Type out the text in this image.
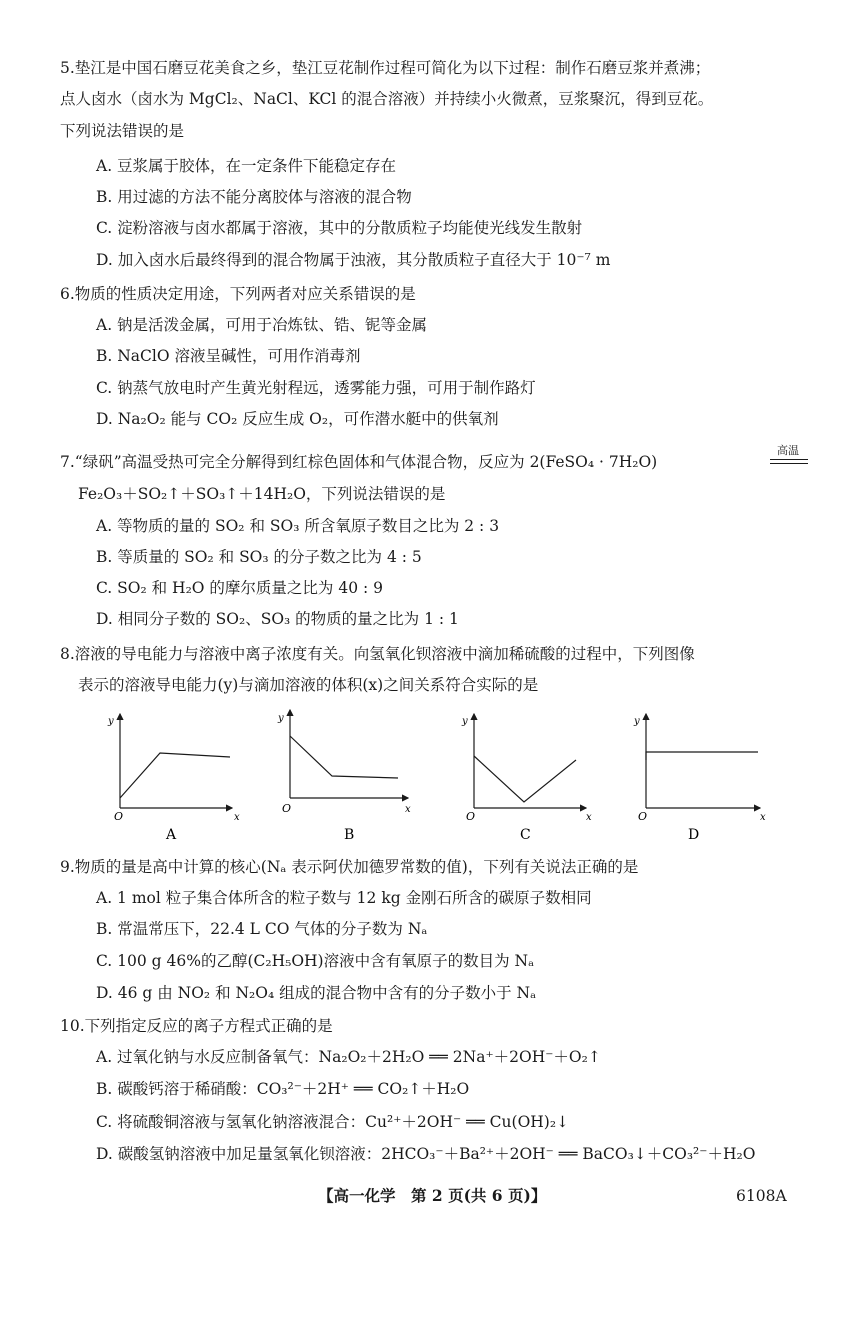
5.垫江是中国石磨豆花美食之乡，垫江豆花制作过程可简化为以下过程：制作石磨豆浆并煮沸；
点人卤水（卤水为 MgCl₂、NaCl、KCl 的混合溶液）并持续小火微煮，豆浆聚沉，得到豆花。
下列说法错误的是
A. 豆浆属于胶体，在一定条件下能稳定存在
B. 用过滤的方法不能分离胶体与溶液的混合物
C. 淀粉溶液与卤水都属于溶液，其中的分散质粒子均能使光线发生散射
D. 加入卤水后最终得到的混合物属于浊液，其分散质粒子直径大于 10⁻⁷ m
6.物质的性质决定用途，下列两者对应关系错误的是
A. 钠是活泼金属，可用于冶炼钛、锆、铌等金属
B. NaClO 溶液呈碱性，可用作消毒剂
C. 钠蒸气放电时产生黄光射程远，透雾能力强，可用于制作路灯
D. Na₂O₂ 能与 CO₂ 反应生成 O₂，可作潜水艇中的供氧剂
7.“绿矾”高温受热可完全分解得到红棕色固体和气体混合物，反应为 2(FeSO₄ · 7H₂O)
高温
Fe₂O₃＋SO₂↑＋SO₃↑＋14H₂O，下列说法错误的是
A. 等物质的量的 SO₂ 和 SO₃ 所含氧原子数目之比为 2 : 3
B. 等质量的 SO₂ 和 SO₃ 的分子数之比为 4 : 5
C. SO₂ 和 H₂O 的摩尔质量之比为 40 : 9
D. 相同分子数的 SO₂、SO₃ 的物质的量之比为 1 : 1
8.溶液的导电能力与溶液中离子浓度有关。向氢氧化钡溶液中滴加稀硫酸的过程中，下列图像
表示的溶液导电能力(y)与滴加溶液的体积(x)之间关系符合实际的是
y
x
O
A
y
x
O
B
y
x
O
C
y
x
O
D
9.物质的量是高中计算的核心(Nₐ 表示阿伏加德罗常数的值)，下列有关说法正确的是
A. 1 mol 粒子集合体所含的粒子数与 12 kg 金刚石所含的碳原子数相同
B. 常温常压下，22.4 L CO 气体的分子数为 Nₐ
C. 100 g 46%的乙醇(C₂H₅OH)溶液中含有氧原子的数目为 Nₐ
D. 46 g 由 NO₂ 和 N₂O₄ 组成的混合物中含有的分子数小于 Nₐ
10.下列指定反应的离子方程式正确的是
A. 过氧化钠与水反应制备氧气：Na₂O₂＋2H₂O ══ 2Na⁺＋2OH⁻＋O₂↑
B. 碳酸钙溶于稀硝酸：CO₃²⁻＋2H⁺ ══ CO₂↑＋H₂O
C. 将硫酸铜溶液与氢氧化钠溶液混合：Cu²⁺＋2OH⁻ ══ Cu(OH)₂↓
D. 碳酸氢钠溶液中加足量氢氧化钡溶液：2HCO₃⁻＋Ba²⁺＋2OH⁻ ══ BaCO₃↓＋CO₃²⁻＋H₂O
【高一化学　第 2 页(共 6 页)】	6108A
